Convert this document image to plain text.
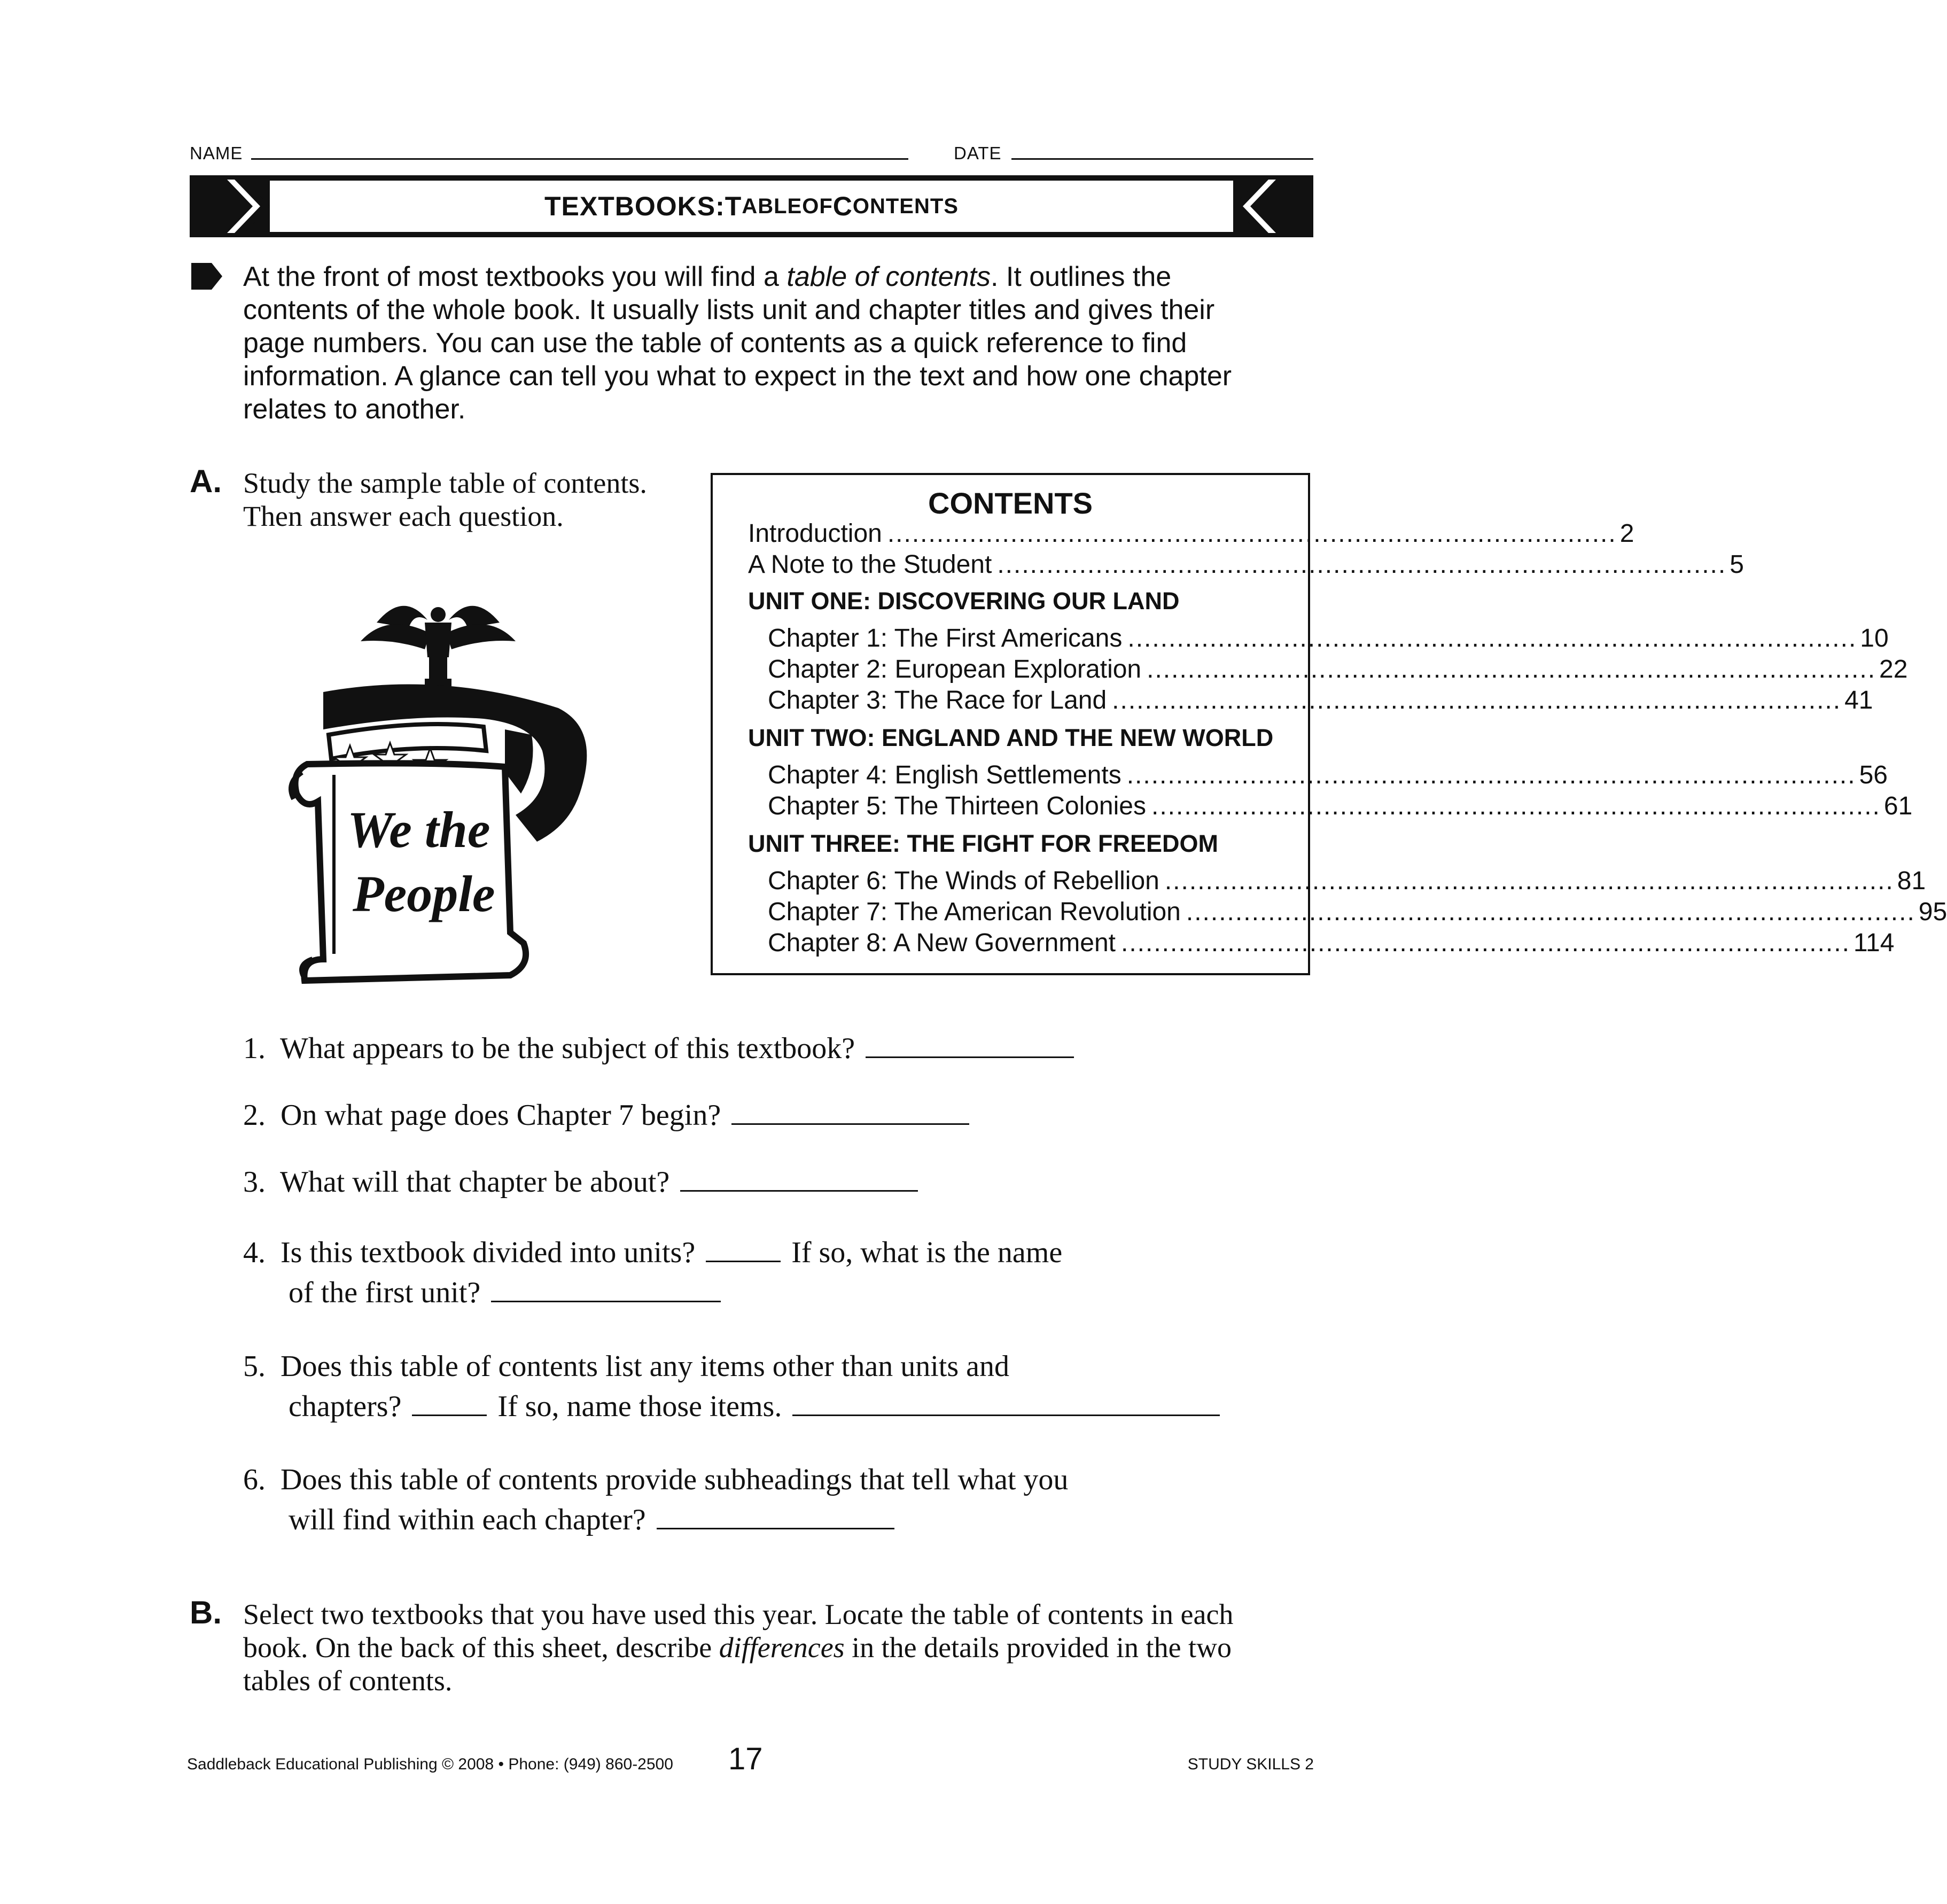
NAME	DATE
TEXTBOOKS: T ABLE OF C ONTENTS
At the front of most textbooks you will find a table of contents. It outlines the contents of the whole book. It usually lists unit and chapter titles and gives their page numbers. You can use the table of contents as a quick reference to find information. A glance can tell you what to expect in the text and how one chapter relates to another.
A. Study the sample table of contents. Then answer each question.
We the
People
CONTENTS
Introduction ......................................................................................... 2
A Note to the Student ......................................................................................... 5
UNIT ONE: DISCOVERING OUR LAND
Chapter 1: The First Americans ......................................................................................... 10
Chapter 2: European Exploration ......................................................................................... 22
Chapter 3: The Race for Land ......................................................................................... 41
UNIT TWO: ENGLAND AND THE NEW WORLD
Chapter 4: English Settlements ......................................................................................... 56
Chapter 5: The Thirteen Colonies ......................................................................................... 61
UNIT THREE: THE FIGHT FOR FREEDOM
Chapter 6: The Winds of Rebellion ......................................................................................... 81
Chapter 7: The American Revolution ......................................................................................... 95
Chapter 8: A New Government ......................................................................................... 114
1. What appears to be the subject of this textbook?
2. On what page does Chapter 7 begin?
3. What will that chapter be about?
4. Is this textbook divided into units?	If so, what is the name
of the first unit?
5. Does this table of contents list any items other than units and
chapters?	If so, name those items.
6. Does this table of contents provide subheadings that tell what you
will find within each chapter?
B. Select two textbooks that you have used this year. Locate the table of contents in each book. On the back of this sheet, describe differences in the details provided in the two tables of contents.
Saddleback Educational Publishing © 2008 • Phone: (949) 860-2500 17	STUDY SKILLS 2
